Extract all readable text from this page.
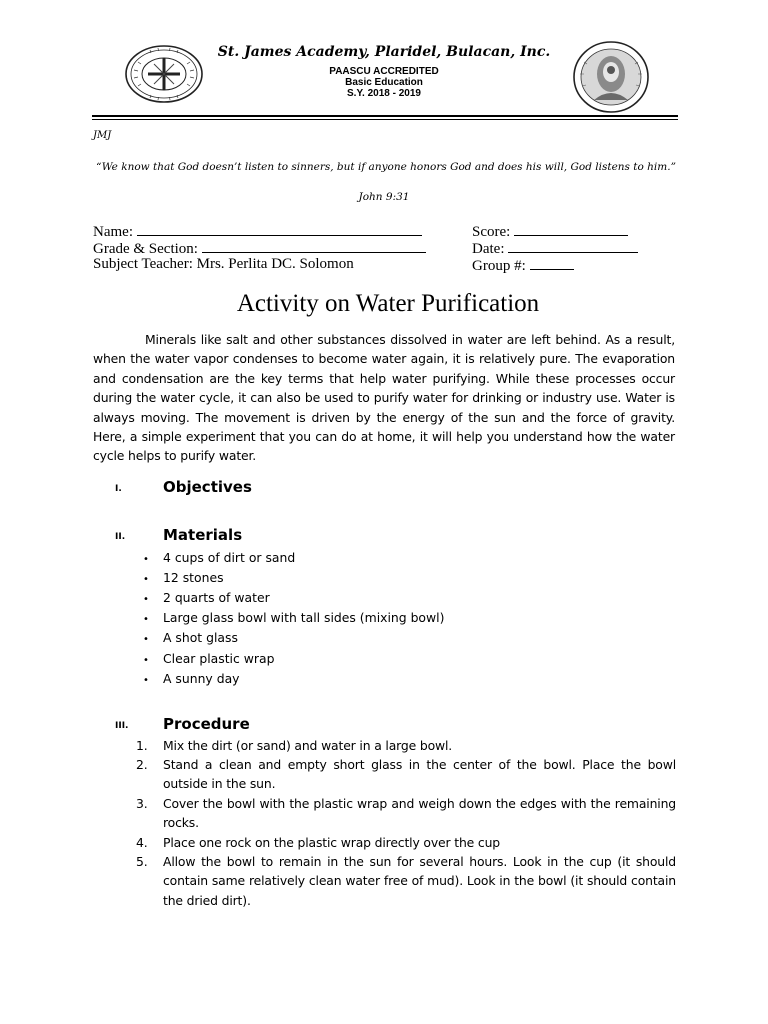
St. James Academy, Plaridel, Bulacan, Inc.
PAASCU ACCREDITED
Basic Education
S.Y. 2018 - 2019
JMJ
“We know that God doesn’t listen to sinners, but if anyone honors God and does his will, God listens to him.”
John 9:31
Name:
Grade & Section:
Subject Teacher: Mrs. Perlita DC. Solomon
Score:
Date:
Group #:
Activity on Water Purification
Minerals like salt and other substances dissolved in water are left behind. As a result, when the water vapor condenses to become water again, it is relatively pure. The evaporation and condensation are the key terms that help water purifying. While these processes occur during the water cycle, it can also be used to purify water for drinking or industry use. Water is always moving. The movement is driven by the energy of the sun and the force of gravity. Here, a simple experiment that you can do at home, it will help you understand how the water cycle helps to purify water.
I.	Objectives
II.	Materials
• 4 cups of dirt or sand
• 12 stones
• 2 quarts of water
• Large glass bowl with tall sides (mixing bowl)
• A shot glass
• Clear plastic wrap
• A sunny day
III. Procedure
1.	Mix the dirt (or sand) and water in a large bowl.
2.	Stand a clean and empty short glass in the center of the bowl. Place the bowl outside in the sun.
3.	Cover the bowl with the plastic wrap and weigh down the edges with the remaining rocks.
4.	Place one rock on the plastic wrap directly over the cup
5.	Allow the bowl to remain in the sun for several hours. Look in the cup (it should contain same relatively clean water free of mud). Look in the bowl (it should contain the dried dirt).
